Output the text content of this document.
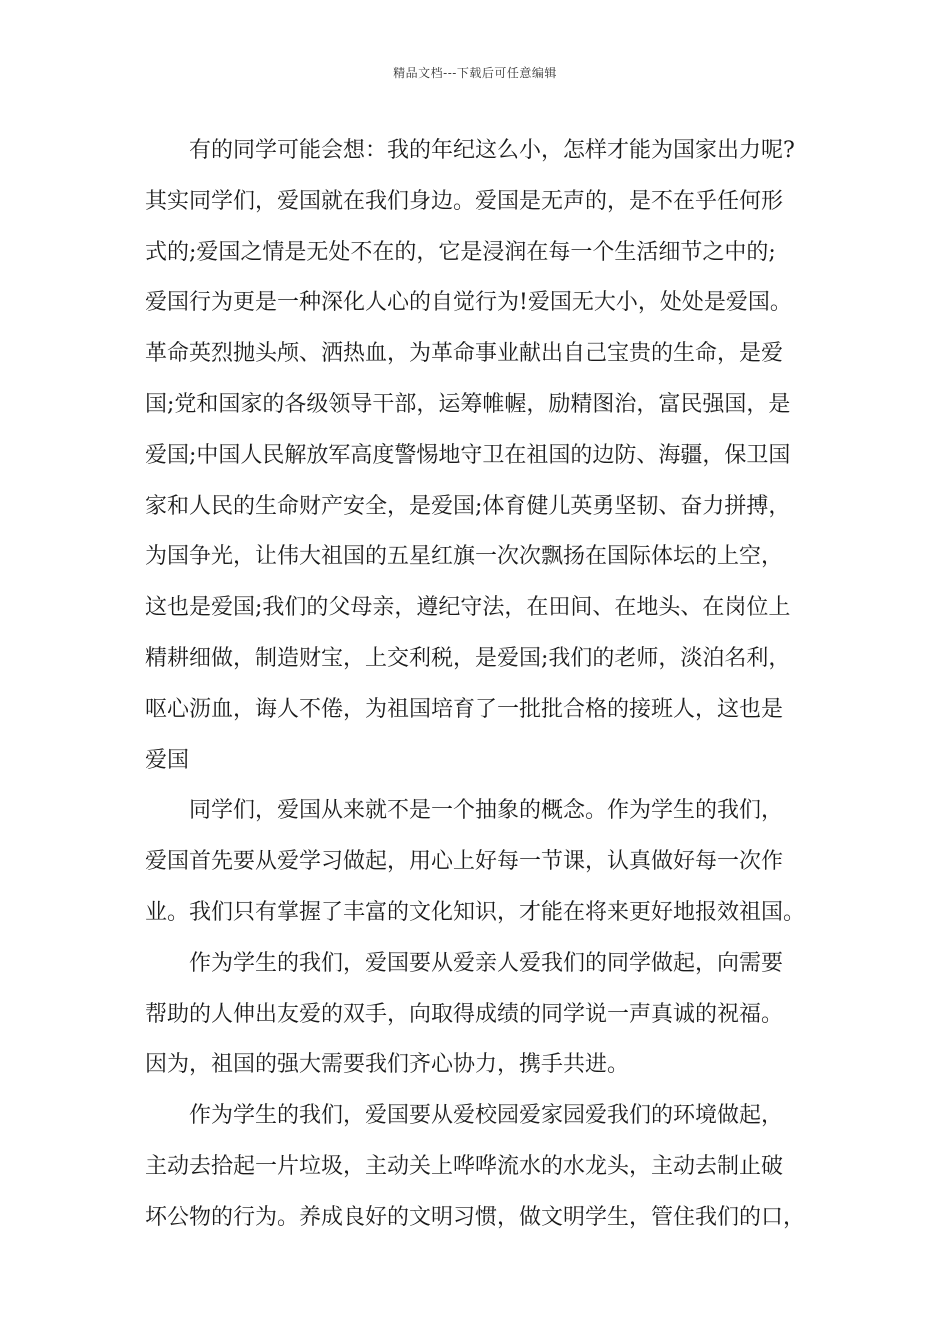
精品文档---下载后可任意编辑
有的同学可能会想：我的年纪这么小，怎样才能为国家出力呢?
其实同学们，爱国就在我们身边。爱国是无声的，是不在乎任何形
式的;爱国之情是无处不在的，它是浸润在每一个生活细节之中的;
爱国行为更是一种深化人心的自觉行为!爱国无大小，处处是爱国。
革命英烈抛头颅、洒热血，为革命事业献出自己宝贵的生命，是爱
国;党和国家的各级领导干部，运筹帷幄，励精图治，富民强国，是
爱国;中国人民解放军高度警惕地守卫在祖国的边防、海疆，保卫国
家和人民的生命财产安全，是爱国;体育健儿英勇坚韧、奋力拼搏，
为国争光，让伟大祖国的五星红旗一次次飘扬在国际体坛的上空，
这也是爱国;我们的父母亲，遵纪守法，在田间、在地头、在岗位上
精耕细做，制造财宝，上交利税，是爱国;我们的老师，淡泊名利，
呕心沥血，诲人不倦，为祖国培育了一批批合格的接班人，这也是
爱国
同学们，爱国从来就不是一个抽象的概念。作为学生的我们，
爱国首先要从爱学习做起，用心上好每一节课，认真做好每一次作
业。我们只有掌握了丰富的文化知识，才能在将来更好地报效祖国。
作为学生的我们，爱国要从爱亲人爱我们的同学做起，向需要
帮助的人伸出友爱的双手，向取得成绩的同学说一声真诚的祝福。
因为，祖国的强大需要我们齐心协力，携手共进。
作为学生的我们，爱国要从爱校园爱家园爱我们的环境做起，
主动去拾起一片垃圾，主动关上哗哗流水的水龙头，主动去制止破
坏公物的行为。养成良好的文明习惯，做文明学生，管住我们的口，
